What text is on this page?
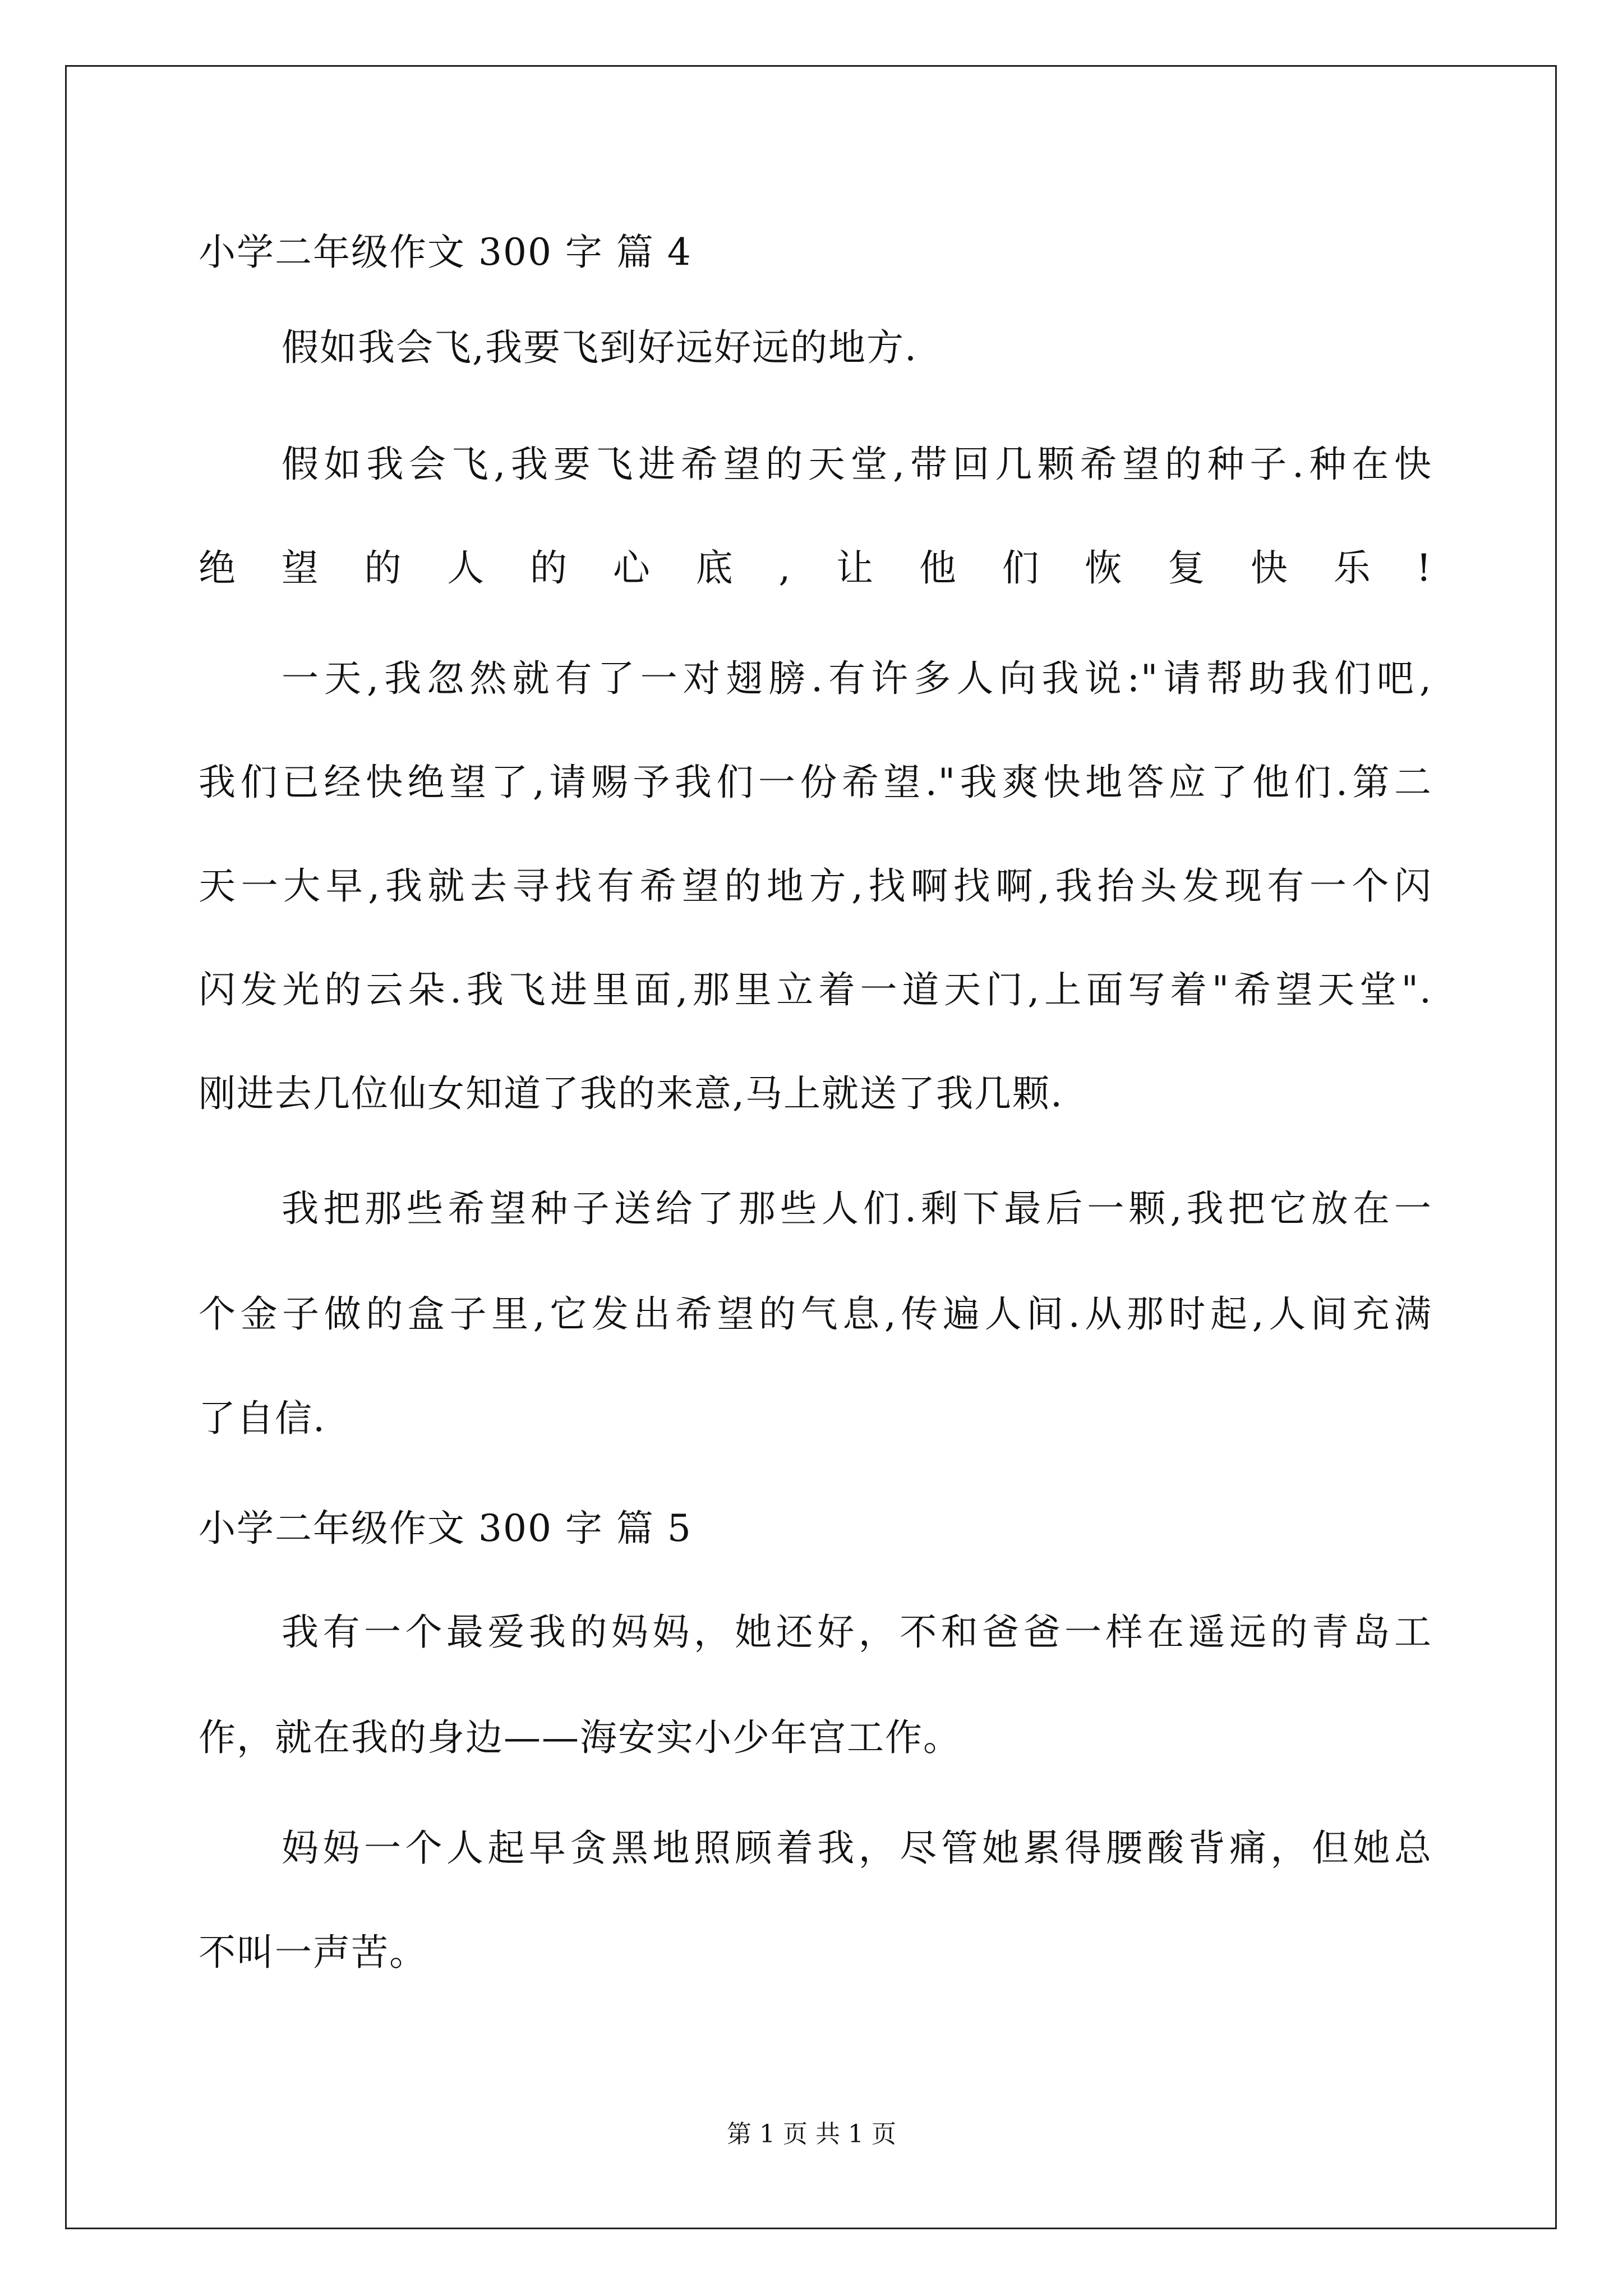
小学二年级作文 300 字 篇 4
假如我会飞,我要飞到好远好远的地方.
假如我会飞,我要飞进希望的天堂,带回几颗希望的种子.种在快
绝望的人的心底,让他们恢复快乐!
一天,我忽然就有了一对翅膀.有许多人向我说:"请帮助我们吧,
我们已经快绝望了,请赐予我们一份希望."我爽快地答应了他们.第二
天一大早,我就去寻找有希望的地方,找啊找啊,我抬头发现有一个闪
闪发光的云朵.我飞进里面,那里立着一道天门,上面写着"希望天堂".
刚进去几位仙女知道了我的来意,马上就送了我几颗.
我把那些希望种子送给了那些人们.剩下最后一颗,我把它放在一
个金子做的盒子里,它发出希望的气息,传遍人间.从那时起,人间充满
了自信.
小学二年级作文 300 字 篇 5
我有一个最爱我的妈妈，她还好，不和爸爸一样在遥远的青岛工
作，就在我的身边——海安实小少年宫工作。
妈妈一个人起早贪黑地照顾着我，尽管她累得腰酸背痛，但她总
不叫一声苦。
第 1 页 共 1 页
